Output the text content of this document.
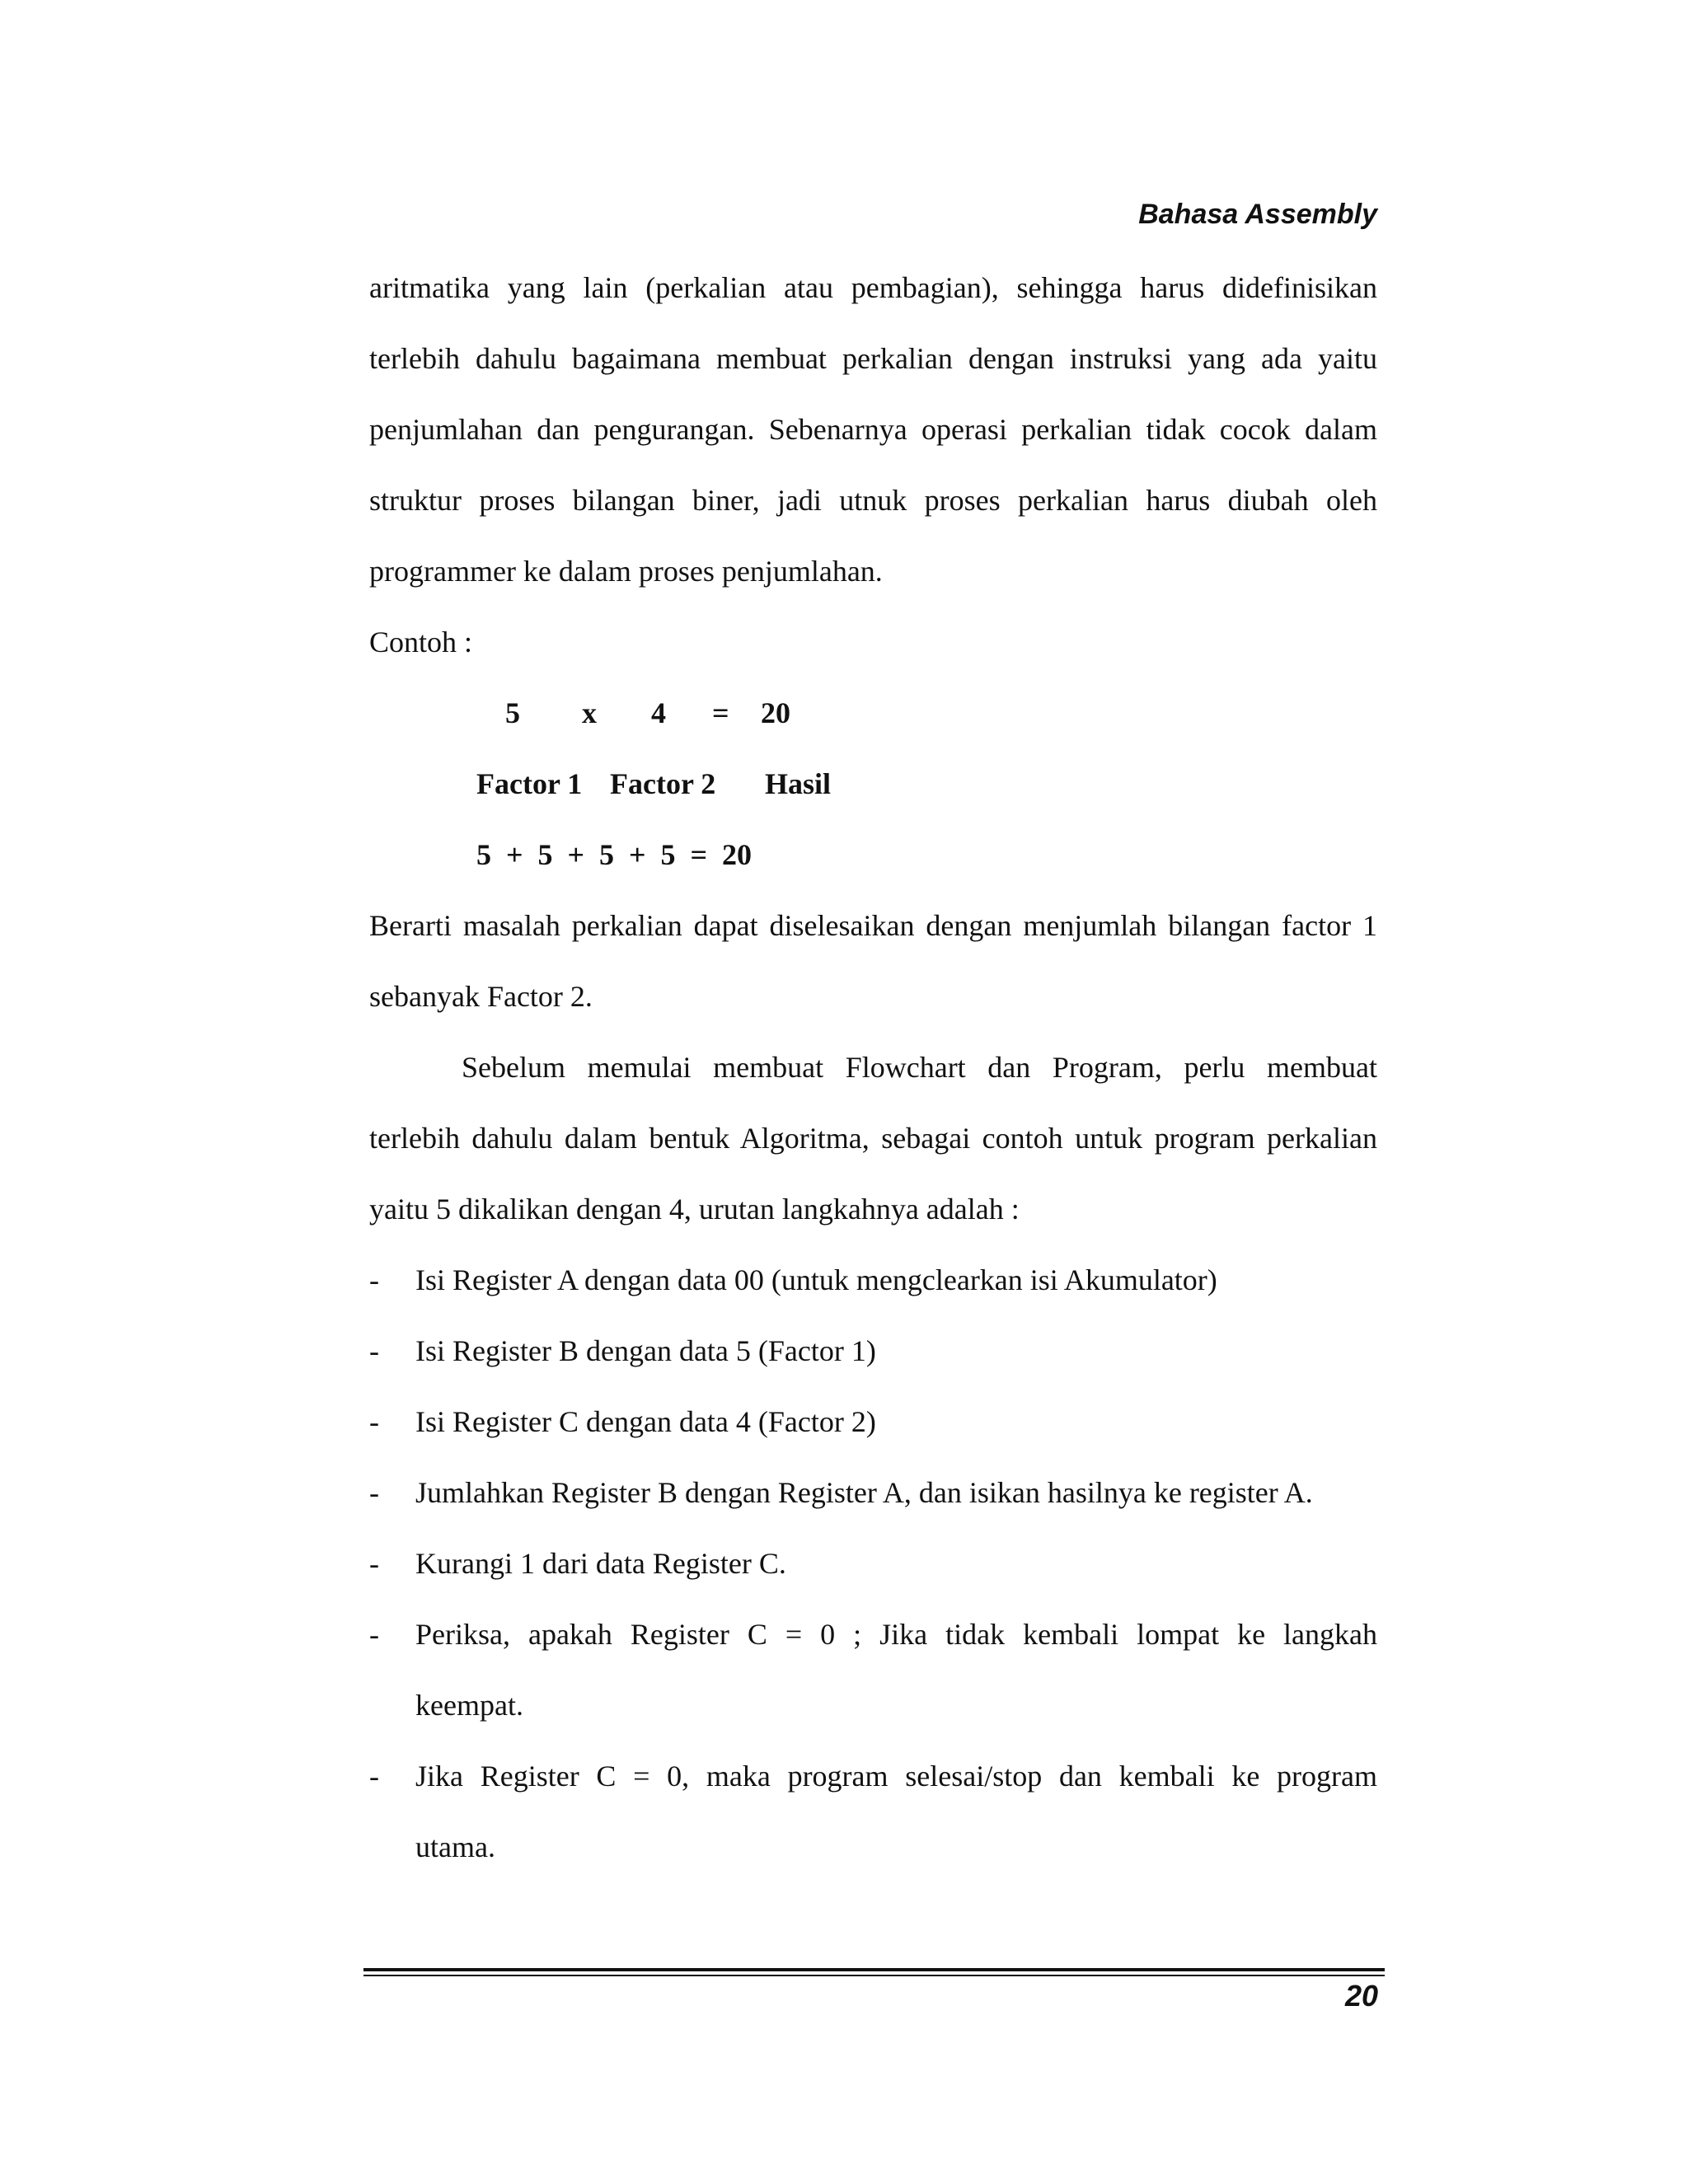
Bahasa Assembly
aritmatika yang lain (perkalian atau pembagian), sehingga harus didefinisikan
terlebih dahulu bagaimana membuat perkalian dengan instruksi yang ada yaitu
penjumlahan dan pengurangan. Sebenarnya operasi perkalian tidak cocok dalam
struktur proses bilangan biner, jadi utnuk proses perkalian harus diubah oleh
programmer ke dalam proses penjumlahan.
Contoh :

5

x

4

=

20

Factor 1

Factor 2

Hasil

5  +  5  +  5  +  5  =  20

Berarti masalah perkalian dapat diselesaikan dengan menjumlah bilangan factor 1
sebanyak Factor 2.
Sebelum memulai membuat Flowchart dan Program, perlu membuat
terlebih dahulu dalam bentuk Algoritma, sebagai contoh untuk program perkalian
yaitu 5 dikalikan dengan 4, urutan langkahnya adalah :
- Isi Register A dengan data 00 (untuk mengclearkan isi Akumulator)
- Isi Register B dengan data 5 (Factor 1)
- Isi Register C dengan data 4 (Factor 2)
- Jumlahkan Register B dengan Register A, dan isikan hasilnya ke register A.
- Kurangi 1 dari data Register C.
- Periksa, apakah Register C = 0 ; Jika tidak kembali lompat ke langkah
keempat.
- Jika Register C = 0, maka program selesai/stop dan kembali ke program
utama.
20
